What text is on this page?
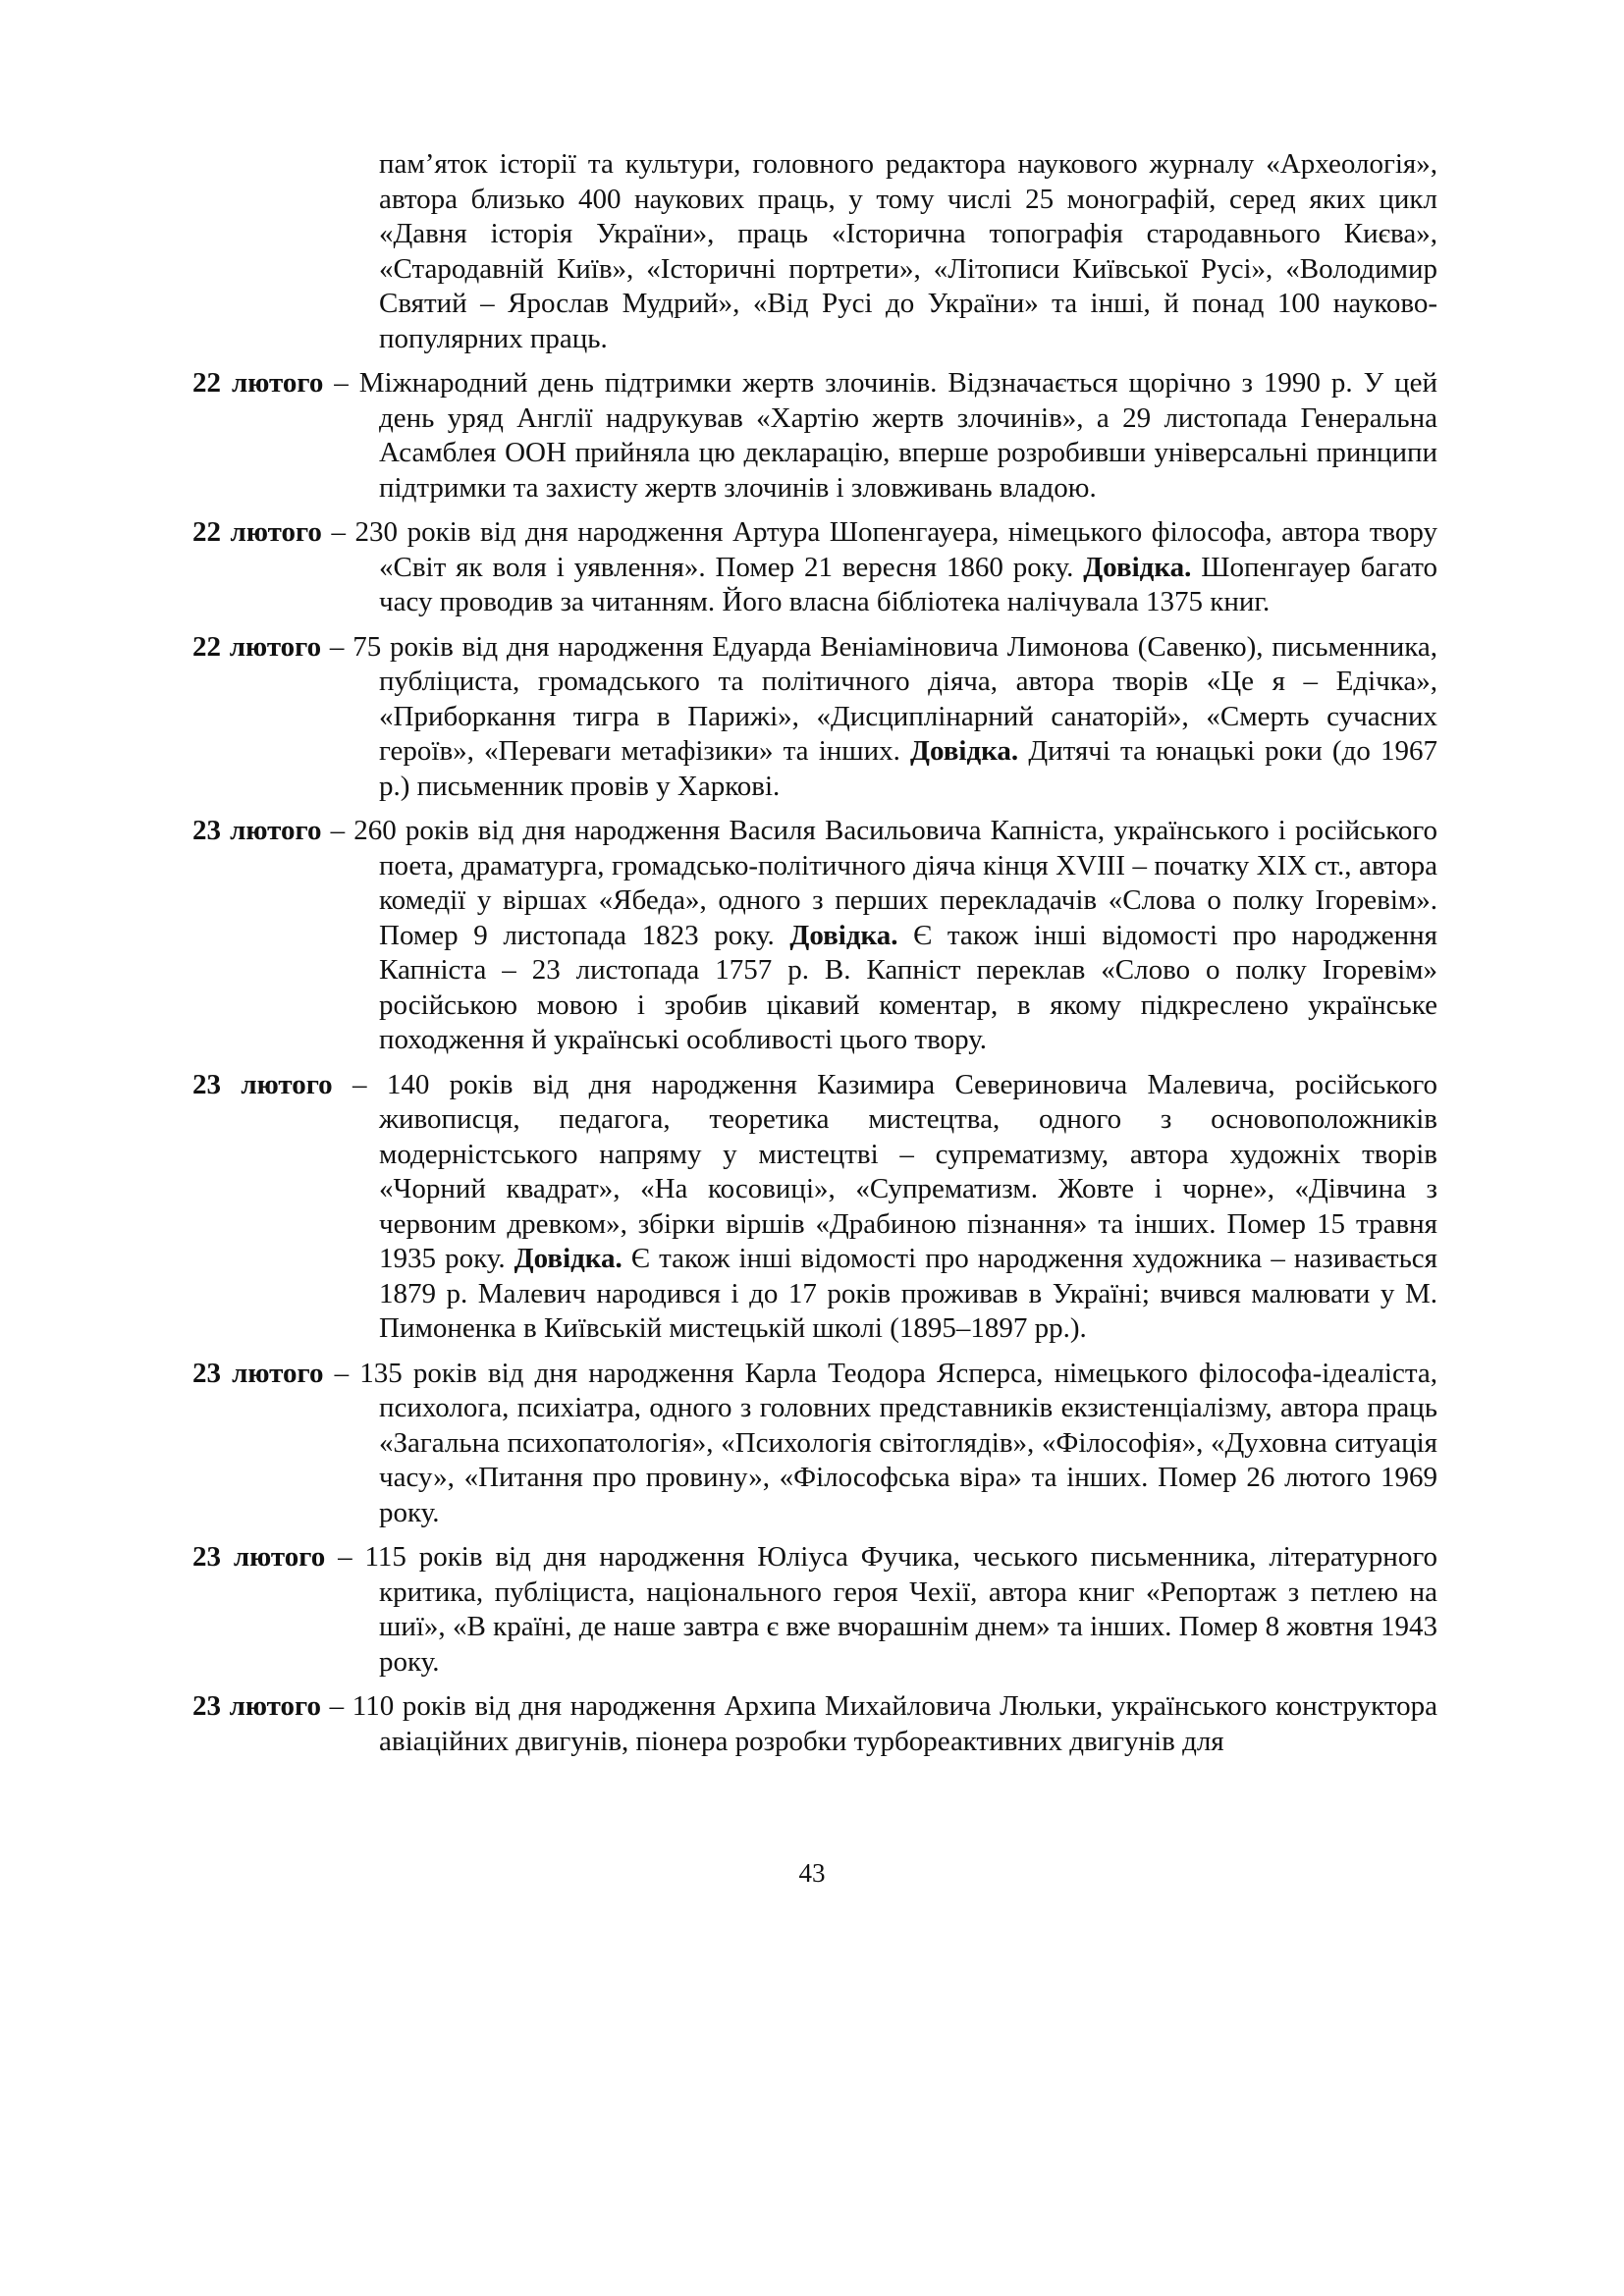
пам’яток історії та культури, головного редактора наукового журналу «Археологія», автора близько 400 наукових праць, у тому числі 25 монографій, серед яких цикл «Давня історія України», праць «Історична топографія стародавнього Києва», «Стародавній Київ», «Історичні портрети», «Літописи Київської Русі», «Володимир Святий – Ярослав Мудрий», «Від Русі до України» та інші, й понад 100 науково-популярних праць.

22 лютого – Міжнародний день підтримки жертв злочинів. Відзначається щорічно з 1990 р. У цей день уряд Англії надрукував «Хартію жертв злочинів», а 29 листопада Генеральна Асамблея ООН прийняла цю декларацію, вперше розробивши універсальні принципи підтримки та захисту жертв злочинів і зловживань владою.

22 лютого – 230 років від дня народження Артура Шопенгауера, німецького філософа, автора твору «Світ як воля і уявлення». Помер 21 вересня 1860 року. Довідка. Шопенгауер багато часу проводив за читанням. Його власна бібліотека налічувала 1375 книг.

22 лютого – 75 років від дня народження Едуарда Веніаміновича Лимонова (Савенко), письменника, публіциста, громадського та політичного діяча, автора творів «Це я – Едічка», «Приборкання тигра в Парижі», «Дисциплінарний санаторій», «Смерть сучасних героїв», «Переваги метафізики» та інших. Довідка. Дитячі та юнацькі роки (до 1967 р.) письменник провів у Харкові.

23 лютого – 260 років від дня народження Василя Васильовича Капніста, українського і російського поета, драматурга, громадсько-політичного діяча кінця XVIII – початку XIX ст., автора комедії у віршах «Ябеда», одного з перших перекладачів «Слова о полку Ігоревім». Помер 9 листопада 1823 року. Довідка. Є також інші відомості про народження Капніста – 23 листопада 1757 р. В. Капніст переклав «Слово о полку Ігоревім» російською мовою і зробив цікавий коментар, в якому підкреслено українське походження й українські особливості цього твору.

23 лютого – 140 років від дня народження Казимира Севериновича Малевича, російського живописця, педагога, теоретика мистецтва, одного з основоположників модерністського напряму у мистецтві – супрематизму, автора художніх творів «Чорний квадрат», «На косовиці», «Супрематизм. Жовте і чорне», «Дівчина з червоним древком», збірки віршів «Драбиною пізнання» та інших. Помер 15 травня 1935 року. Довідка. Є також інші відомості про народження художника – називається 1879 р. Малевич народився і до 17 років проживав в Україні; вчився малювати у М. Пимоненка в Київській мистецькій школі (1895–1897 рр.).

23 лютого – 135 років від дня народження Карла Теодора Ясперса, німецького філософа-ідеаліста, психолога, психіатра, одного з головних представників екзистенціалізму, автора праць «Загальна психопатологія», «Психологія світоглядів», «Філософія», «Духовна ситуація часу», «Питання про провину», «Філософська віра» та інших. Помер 26 лютого 1969 року.

23 лютого – 115 років від дня народження Юліуса Фучика, чеського письменника, літературного критика, публіциста, національного героя Чехії, автора книг «Репортаж з петлею на шиї», «В країні, де наше завтра є вже вчорашнім днем» та інших. Помер 8 жовтня 1943 року.

23 лютого – 110 років від дня народження Архипа Михайловича Люльки, українського конструктора авіаційних двигунів, піонера розробки турбореактивних двигунів для

43
